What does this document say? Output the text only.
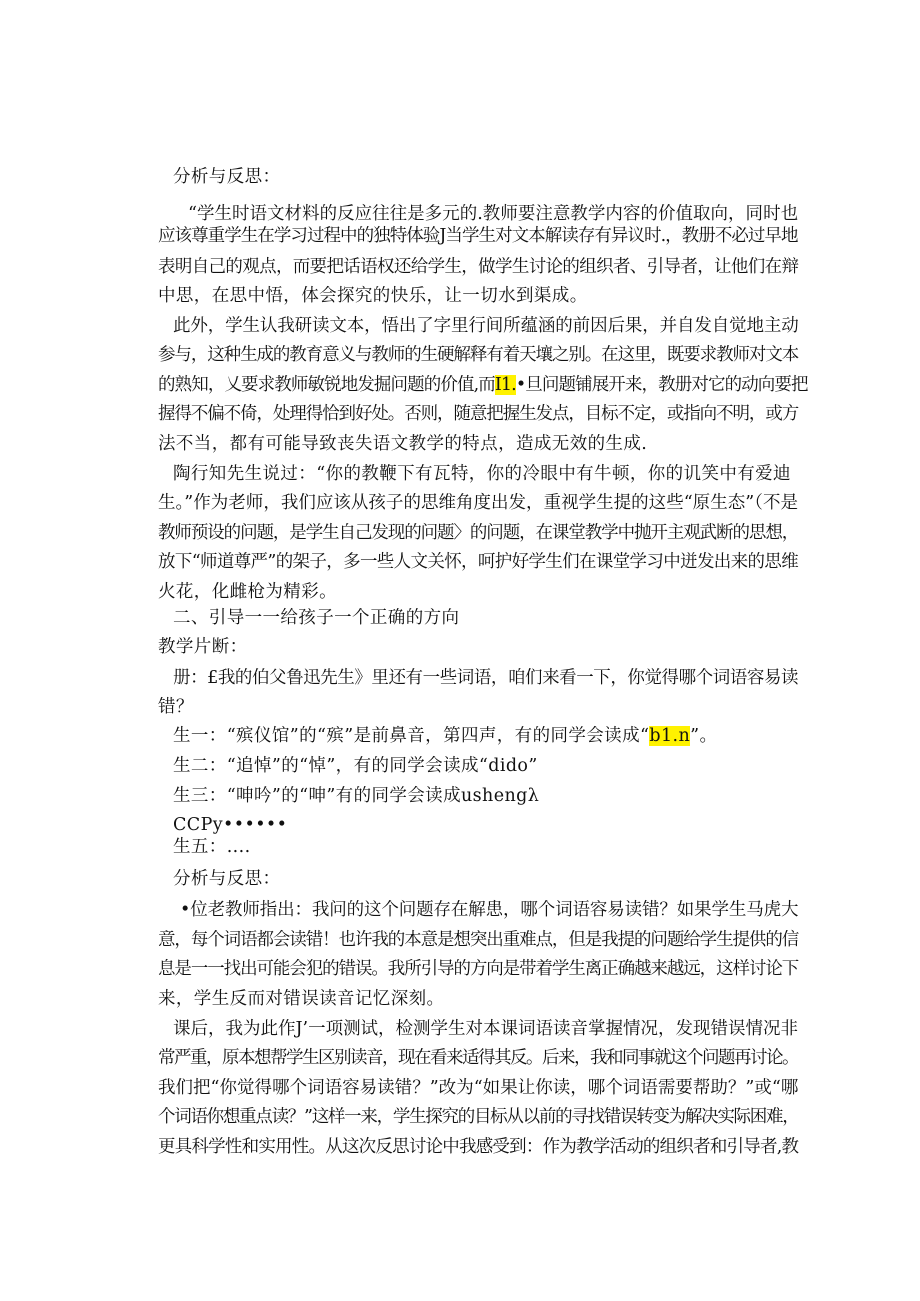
分析与反思：
“学生时语文材料的反应往往是多元的.教师要注意教学内容的价值取向，同时也
应该尊重学生在学习过程中的独特体验J当学生对文本解读存有异议时.，教册不必过早地
表明自己的观点，而要把话语权还给学生，做学生讨论的组织者、引导者，让他们在辩
中思，在思中悟，体会探究的快乐，让一切水到渠成。
此外，学生认我研读文本，悟出了字里行间所蕴涵的前因后果，并自发自觉地主动
参与，这种生成的教育意义与教师的生硬解释有着天壤之别。在这里，既要求教师对文本
的熟知，乂要求教师敏锐地发掘问题的价值,而I1.•旦问题铺展开来，教册对它的动向要把
握得不偏不倚，处理得恰到好处。否则，随意把握生发点，目标不定，或指向不明，或方
法不当，都有可能导致丧失语文教学的特点，造成无效的生成.
陶行知先生说过：“你的教鞭下有瓦特，你的冷眼中有牛顿，你的讥笑中有爱迪
生。”作为老师，我们应该从孩子的思维角度出发，重视学生提的这些“原生态”（不是
教师预设的问题，是学生自己发现的问题〉的问题，在课堂教学中抛开主观武断的思想，
放下“师道尊严”的架子，多一些人文关怀，呵护好学生们在课堂学习中迸发出来的思维
火花，化雌枪为精彩。
二、引导一一给孩子一个正确的方向
教学片断：
册：£我的伯父鲁迅先生》里还有一些词语，咱们来看一下，你觉得哪个词语容易读
错？
生一：“殡仪馆”的“殡”是前鼻音，第四声，有的同学会读成“b1.n”。
生二：“追悼”的“悼”，有的同学会读成“dido”
生三：“呻吟”的“呻”有的同学会读成ushengλ
CCPy••••••
生五：....
分析与反思：
•位老教师指出：我问的这个问题存在解患，哪个词语容易读错？如果学生马虎大
意，每个词语都会读错！也许我的本意是想突出重难点，但是我提的问题给学生提供的信
息是一一找出可能会犯的错误。我所引导的方向是带着学生离正确越来越远，这样讨论下
来，学生反而对错误读音记忆深刻。
课后，我为此作J’一项测试，检测学生对本课词语读音掌握情况，发现错误情况非
常严重，原本想帮学生区别读音，现在看来适得其反。后来，我和同事就这个问题再讨论。
我们把“你觉得哪个词语容易读错？”改为“如果让你读，哪个词语需要帮助？”或“哪
个词语你想重点读？”这样一来，学生探究的目标从以前的寻找错误转变为解决实际困难，
更具科学性和实用性。从这次反思讨论中我感受到：作为教学活动的组织者和引导者,教
